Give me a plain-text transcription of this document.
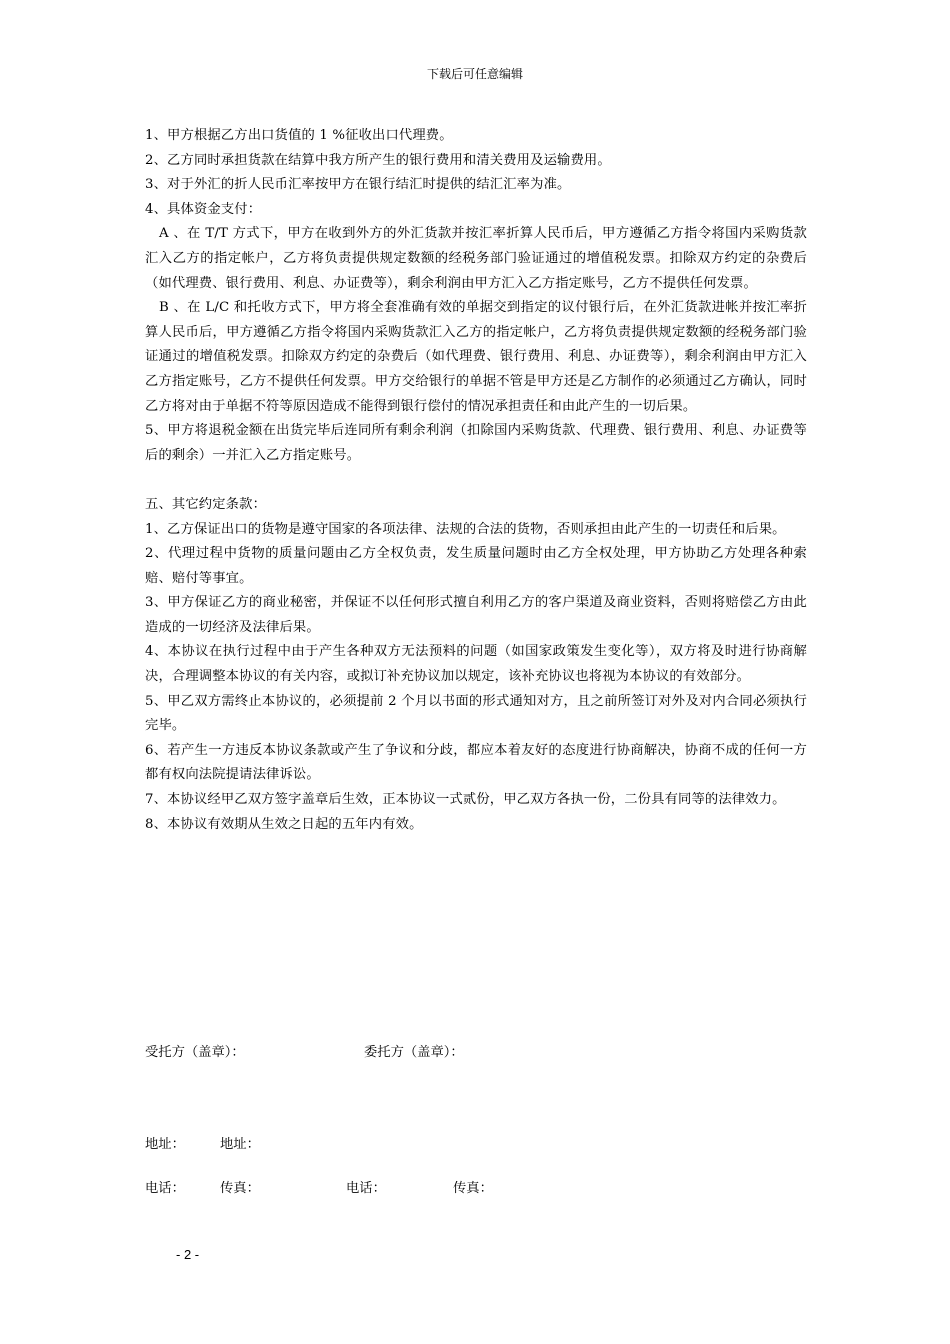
下载后可任意编辑

1、甲方根据乙方出口货值的 1 %征收出口代理费。

2、乙方同时承担货款在结算中我方所产生的银行费用和清关费用及运输费用。

3、对于外汇的折人民币汇率按甲方在银行结汇时提供的结汇汇率为准。

4、具体资金支付：

A 、在 T/T 方式下，甲方在收到外方的外汇货款并按汇率折算人民币后，甲方遵循乙方指令将国内采购货款汇入乙方的指定帐户，乙方将负责提供规定数额的经税务部门验证通过的增值税发票。扣除双方约定的杂费后（如代理费、银行费用、利息、办证费等），剩余利润由甲方汇入乙方指定账号，乙方不提供任何发票。

B 、在 L/C 和托收方式下，甲方将全套准确有效的单据交到指定的议付银行后，在外汇货款进帐并按汇率折算人民币后，甲方遵循乙方指令将国内采购货款汇入乙方的指定帐户，乙方将负责提供规定数额的经税务部门验证通过的增值税发票。扣除双方约定的杂费后（如代理费、银行费用、利息、办证费等），剩余利润由甲方汇入乙方指定账号，乙方不提供任何发票。甲方交给银行的单据不管是甲方还是乙方制作的必须通过乙方确认，同时乙方将对由于单据不符等原因造成不能得到银行偿付的情况承担责任和由此产生的一切后果。

5、甲方将退税金额在出货完毕后连同所有剩余利润（扣除国内采购货款、代理费、银行费用、利息、办证费等后的剩余）一并汇入乙方指定账号。

五、其它约定条款：

1、乙方保证出口的货物是遵守国家的各项法律、法规的合法的货物，否则承担由此产生的一切责任和后果。

2、代理过程中货物的质量问题由乙方全权负责，发生质量问题时由乙方全权处理，甲方协助乙方处理各种索赔、赔付等事宜。

3、甲方保证乙方的商业秘密，并保证不以任何形式擅自利用乙方的客户渠道及商业资料，否则将赔偿乙方由此造成的一切经济及法律后果。

4、本协议在执行过程中由于产生各种双方无法预料的问题（如国家政策发生变化等），双方将及时进行协商解决，合理调整本协议的有关内容，或拟订补充协议加以规定，该补充协议也将视为本协议的有效部分。

5、甲乙双方需终止本协议的，必须提前 2 个月以书面的形式通知对方，且之前所签订对外及对内合同必须执行完毕。

6、若产生一方违反本协议条款或产生了争议和分歧，都应本着友好的态度进行协商解决，协商不成的任何一方都有权向法院提请法律诉讼。

7、本协议经甲乙双方签字盖章后生效，正本协议一式贰份，甲乙双方各执一份，二份具有同等的法律效力。

8、本协议有效期从生效之日起的五年内有效。

受托方（盖章）：	委托方（盖章）：
地址：	地址：
电话：	传真：	电话：	传真：
- 2 -
